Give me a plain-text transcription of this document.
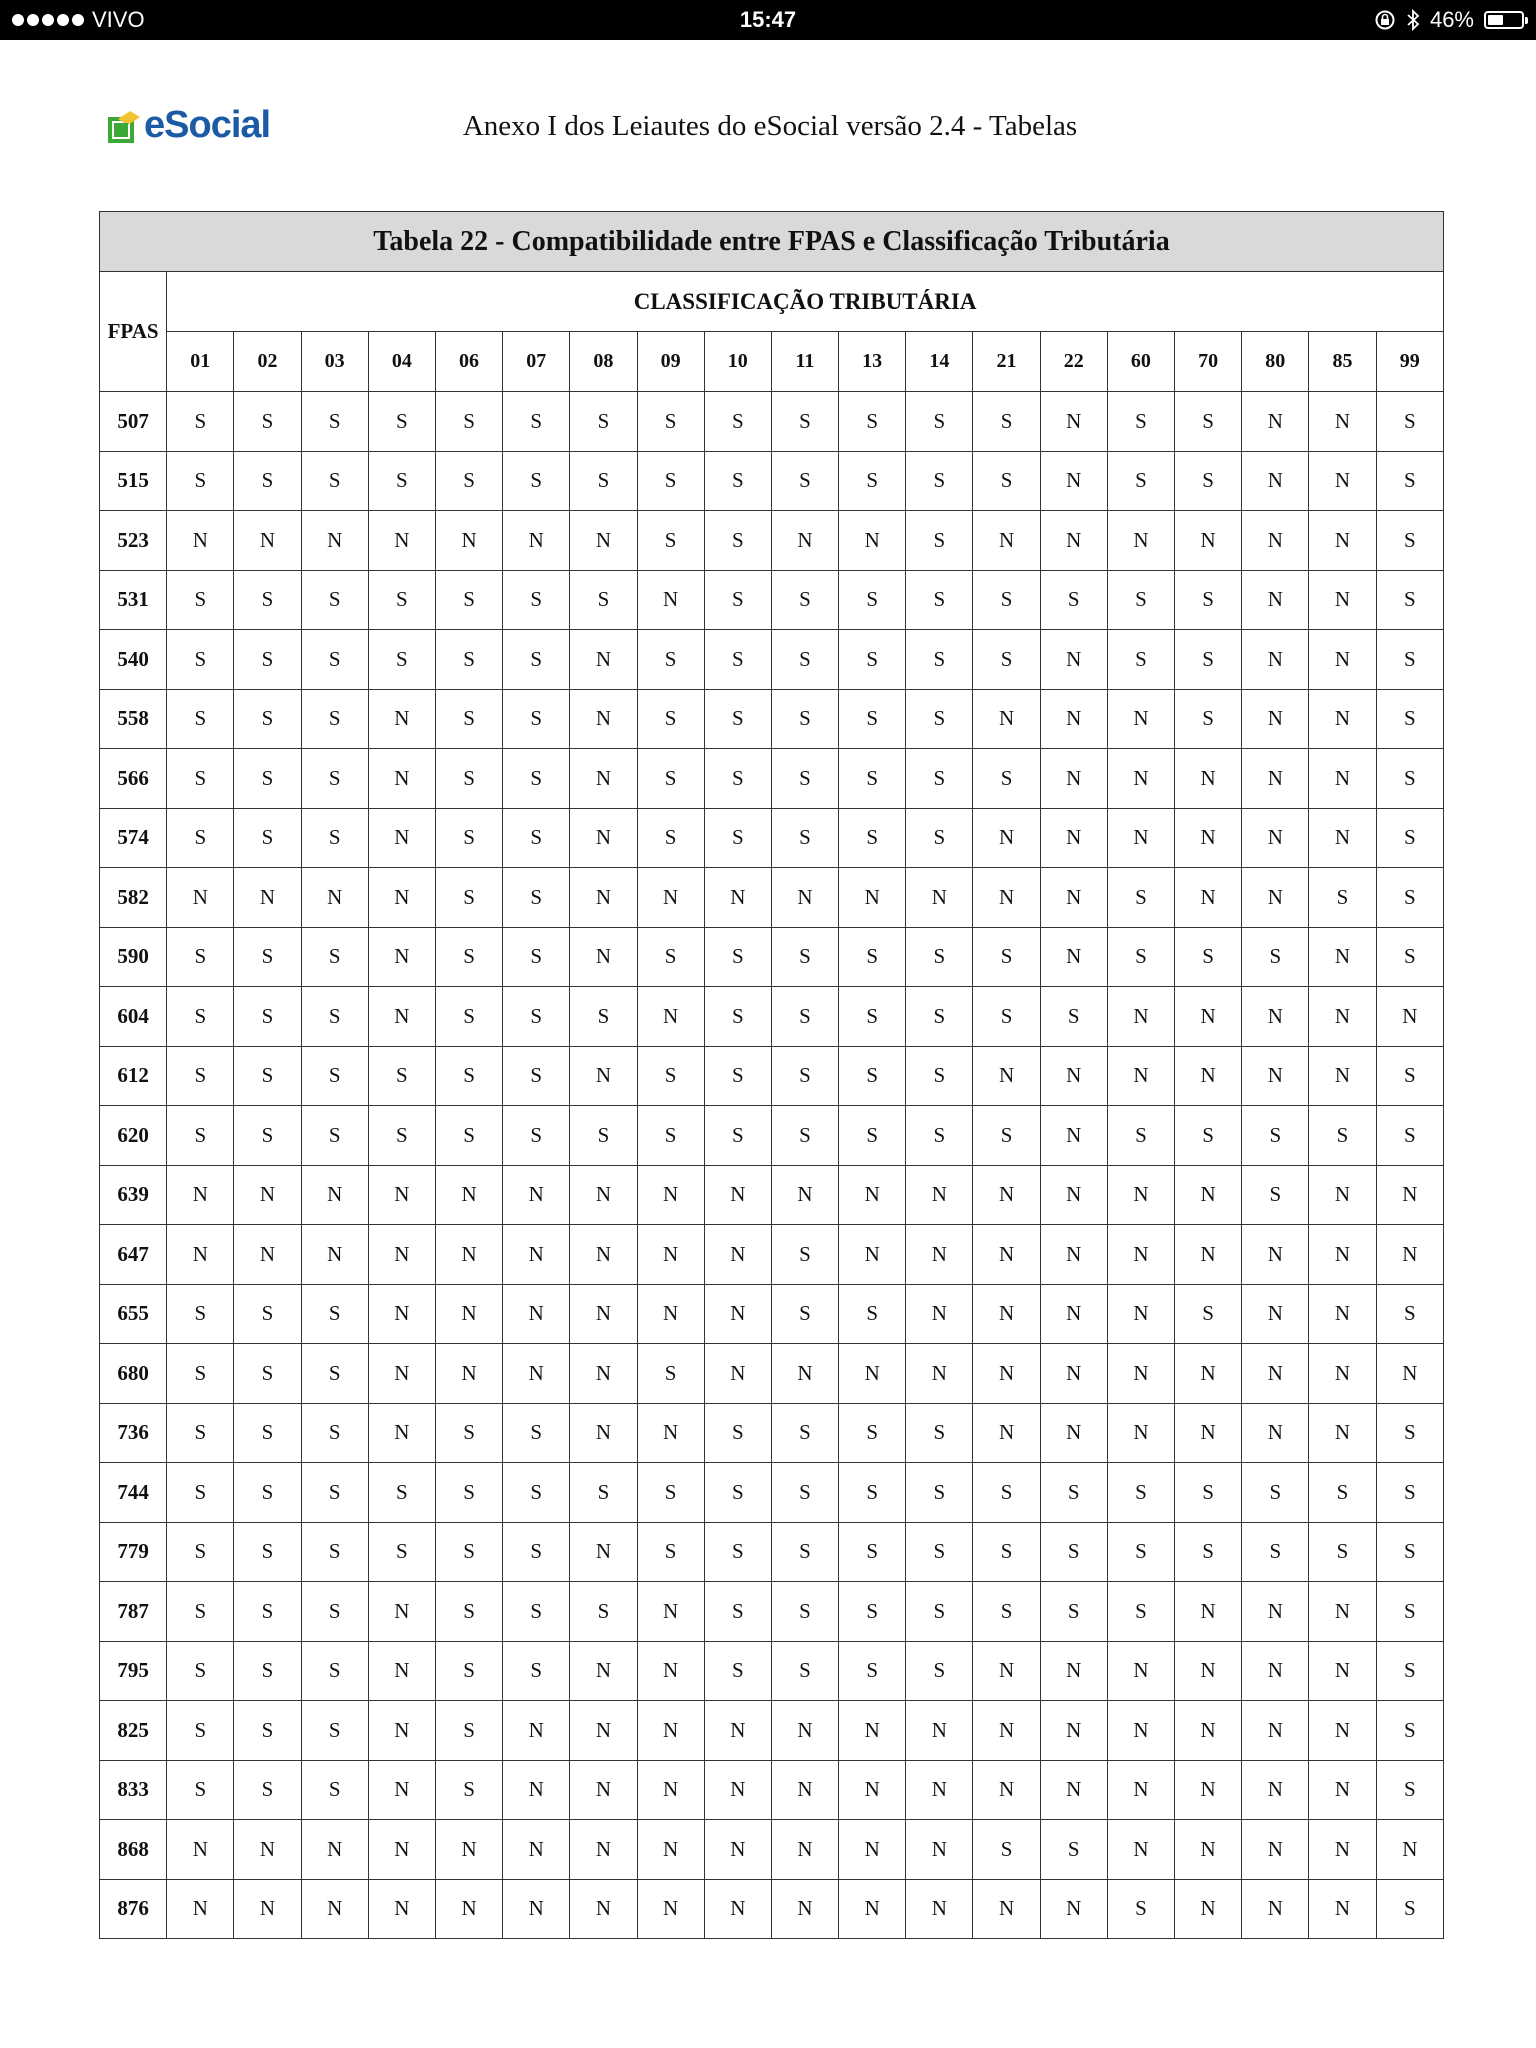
VIVO	15:47	46%
eSocial	Anexo I dos Leiautes do eSocial versão 2.4 - Tabelas
Tabela 22 - Compatibilidade entre FPAS e Classificação Tributária																			
FPAS	CLASSIFICAÇÃO TRIBUTÁRIA																		
	01	02	03	04	06	07	08	09	10	11	13	14	21	22	60	70	80	85	99
507	S	S	S	S	S	S	S	S	S	S	S	S	S	N	S	S	N	N	S
515	S	S	S	S	S	S	S	S	S	S	S	S	S	N	S	S	N	N	S
523	N	N	N	N	N	N	N	S	S	N	N	S	N	N	N	N	N	N	S
531	S	S	S	S	S	S	S	N	S	S	S	S	S	S	S	S	N	N	S
540	S	S	S	S	S	S	N	S	S	S	S	S	S	N	S	S	N	N	S
558	S	S	S	N	S	S	N	S	S	S	S	S	N	N	N	S	N	N	S
566	S	S	S	N	S	S	N	S	S	S	S	S	S	N	N	N	N	N	S
574	S	S	S	N	S	S	N	S	S	S	S	S	N	N	N	N	N	N	S
582	N	N	N	N	S	S	N	N	N	N	N	N	N	N	S	N	N	S	S
590	S	S	S	N	S	S	N	S	S	S	S	S	S	N	S	S	S	N	S
604	S	S	S	N	S	S	S	N	S	S	S	S	S	S	N	N	N	N	N
612	S	S	S	S	S	S	N	S	S	S	S	S	N	N	N	N	N	N	S
620	S	S	S	S	S	S	S	S	S	S	S	S	S	N	S	S	S	S	S
639	N	N	N	N	N	N	N	N	N	N	N	N	N	N	N	N	S	N	N
647	N	N	N	N	N	N	N	N	N	S	N	N	N	N	N	N	N	N	N
655	S	S	S	N	N	N	N	N	N	S	S	N	N	N	N	S	N	N	S
680	S	S	S	N	N	N	N	S	N	N	N	N	N	N	N	N	N	N	N
736	S	S	S	N	S	S	N	N	S	S	S	S	N	N	N	N	N	N	S
744	S	S	S	S	S	S	S	S	S	S	S	S	S	S	S	S	S	S	S
779	S	S	S	S	S	S	N	S	S	S	S	S	S	S	S	S	S	S	S
787	S	S	S	N	S	S	S	N	S	S	S	S	S	S	S	N	N	N	S
795	S	S	S	N	S	S	N	N	S	S	S	S	N	N	N	N	N	N	S
825	S	S	S	N	S	N	N	N	N	N	N	N	N	N	N	N	N	N	S
833	S	S	S	N	S	N	N	N	N	N	N	N	N	N	N	N	N	N	S
868	N	N	N	N	N	N	N	N	N	N	N	N	S	S	N	N	N	N	N
876	N	N	N	N	N	N	N	N	N	N	N	N	N	N	S	N	N	N	S
